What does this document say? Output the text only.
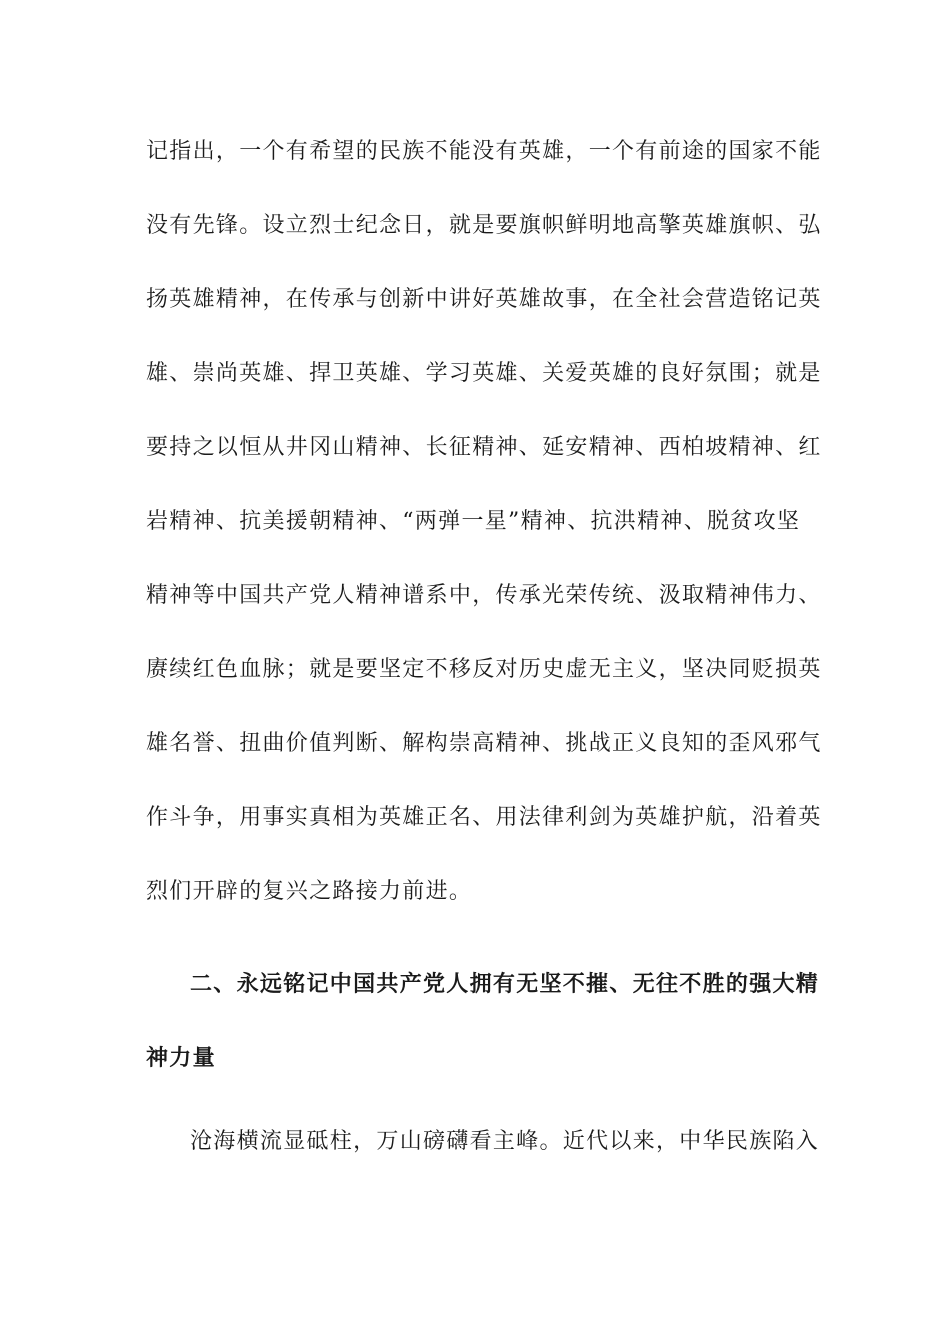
记指出，一个有希望的民族不能没有英雄，一个有前途的国家不能
没有先锋。设立烈士纪念日，就是要旗帜鲜明地高擎英雄旗帜、弘
扬英雄精神，在传承与创新中讲好英雄故事，在全社会营造铭记英
雄、崇尚英雄、捍卫英雄、学习英雄、关爱英雄的良好氛围；就是
要持之以恒从井冈山精神、长征精神、延安精神、西柏坡精神、红
岩精神、抗美援朝精神、“两弹一星”精神、抗洪精神、脱贫攻坚
精神等中国共产党人精神谱系中，传承光荣传统、汲取精神伟力、
赓续红色血脉；就是要坚定不移反对历史虚无主义，坚决同贬损英
雄名誉、扭曲价值判断、解构崇高精神、挑战正义良知的歪风邪气
作斗争，用事实真相为英雄正名、用法律利剑为英雄护航，沿着英
烈们开辟的复兴之路接力前进。
二、永远铭记中国共产党人拥有无坚不摧、无往不胜的强大精
神力量
沧海横流显砥柱，万山磅礴看主峰。近代以来，中华民族陷入
